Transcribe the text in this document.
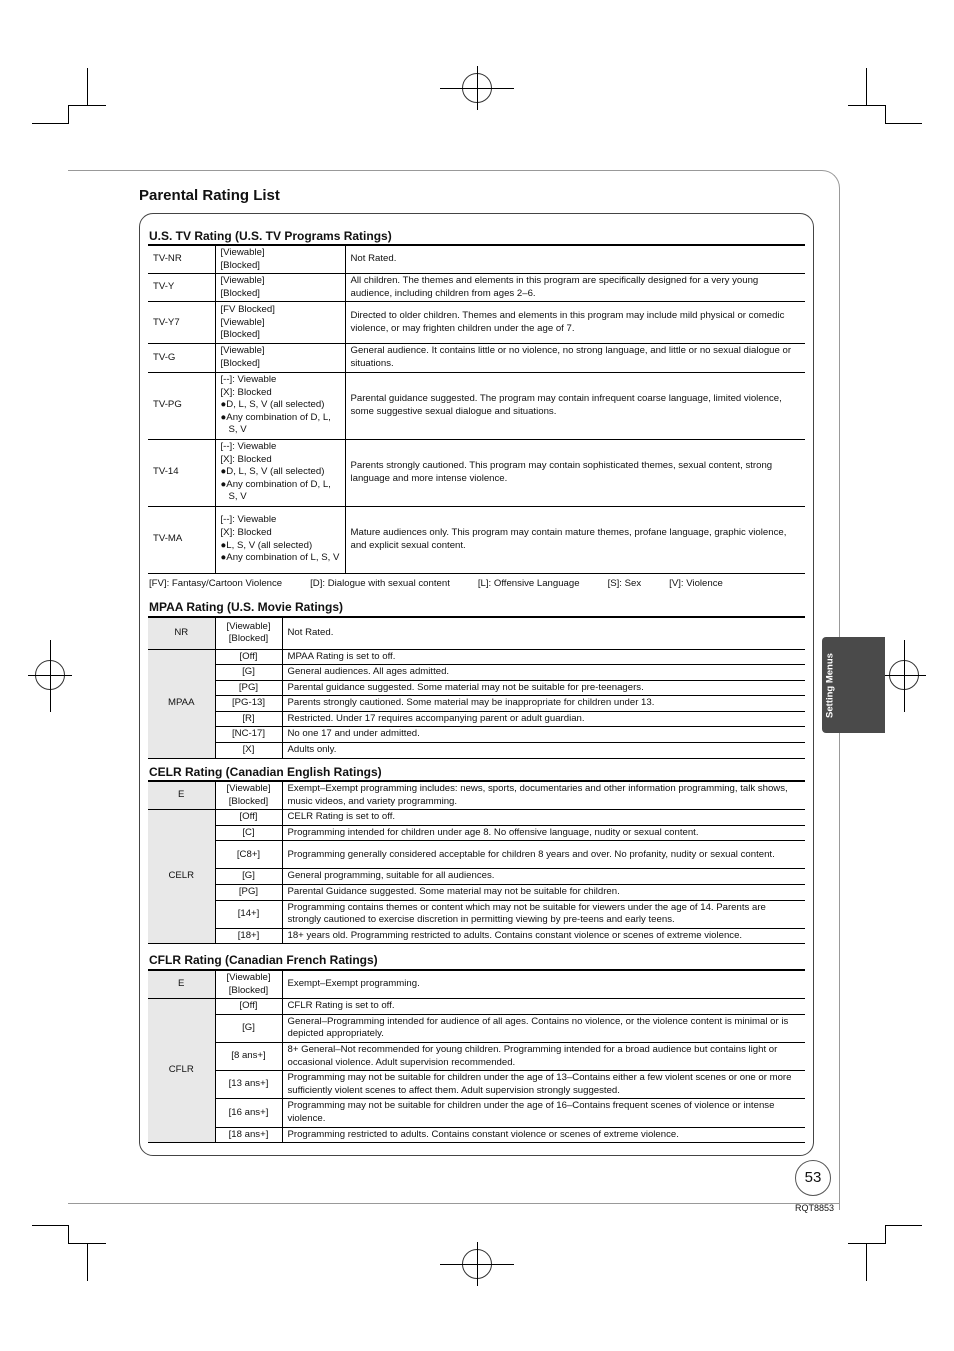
Parental Rating List
U.S. TV Rating (U.S. TV Programs Ratings)
TV-NR	[Viewable]
[Blocked]	Not Rated.
TV-Y	[Viewable]
[Blocked]	All children. The themes and elements in this program are specifically designed for a very young audience, including children from ages 2–6.
TV-Y7	[FV Blocked]
[Viewable]
[Blocked]	Directed to older children. Themes and elements in this program may include mild physical or comedic violence, or may frighten children under the age of 7.
TV-G	[Viewable]
[Blocked]	General audience. It contains little or no violence, no strong language, and little or no sexual dialogue or situations.
TV-PG	[--]: Viewable
[X]: Blocked
●D, L, S, V (all selected)
●Any combination of D, L, S, V	Parental guidance suggested. The program may contain infrequent coarse language, limited violence, some suggestive sexual dialogue and situations.
TV-14	[--]: Viewable
[X]: Blocked
●D, L, S, V (all selected)
●Any combination of D, L, S, V	Parents strongly cautioned. This program may contain sophisticated themes, sexual content, strong language and more intense violence.
TV-MA	[--]: Viewable
[X]: Blocked
●L, S, V (all selected)
●Any combination of L, S, V	Mature audiences only. This program may contain mature themes, profane language, graphic violence, and explicit sexual content.
[FV]: Fantasy/Cartoon Violence	[D]: Dialogue with sexual content	[L]: Offensive Language	[S]: Sex	[V]: Violence
MPAA Rating (U.S. Movie Ratings)
NR	[Viewable] [Blocked]	Not Rated.
MPAA	[Off]	MPAA Rating is set to off.
	[G]	General audiences. All ages admitted.
	[PG]	Parental guidance suggested. Some material may not be suitable for pre-teenagers.
	[PG-13]	Parents strongly cautioned. Some material may be inappropriate for children under 13.
	[R]	Restricted. Under 17 requires accompanying parent or adult guardian.
	[NC-17]	No one 17 and under admitted.
	[X]	Adults only.
CELR Rating (Canadian English Ratings)
E	[Viewable] [Blocked]	Exempt–Exempt programming includes: news, sports, documentaries and other information programming, talk shows, music videos, and variety programming.
CELR	[Off]	CELR Rating is set to off.
	[C]	Programming intended for children under age 8. No offensive language, nudity or sexual content.
	[C8+]	Programming generally considered acceptable for children 8 years and over. No profanity, nudity or sexual content.
	[G]	General programming, suitable for all audiences.
	[PG]	Parental Guidance suggested. Some material may not be suitable for children.
	[14+]	Programming contains themes or content which may not be suitable for viewers under the age of 14. Parents are strongly cautioned to exercise discretion in permitting viewing by pre-teens and early teens.
	[18+]	18+ years old. Programming restricted to adults. Contains constant violence or scenes of extreme violence.
CFLR Rating (Canadian French Ratings)
E	[Viewable] [Blocked]	Exempt–Exempt programming.
CFLR	[Off]	CFLR Rating is set to off.
	[G]	General–Programming intended for audience of all ages. Contains no violence, or the violence content is minimal or is depicted appropriately.
	[8 ans+]	8+ General–Not recommended for young children. Programming intended for a broad audience but contains light or occasional violence. Adult supervision recommended.
	[13 ans+]	Programming may not be suitable for children under the age of 13–Contains either a few violent scenes or one or more sufficiently violent scenes to affect them. Adult supervision strongly suggested.
	[16 ans+]	Programming may not be suitable for children under the age of 16–Contains frequent scenes of violence or intense violence.
	[18 ans+]	Programming restricted to adults. Contains constant violence or scenes of extreme violence.
Setting Menus
53
RQT8853
